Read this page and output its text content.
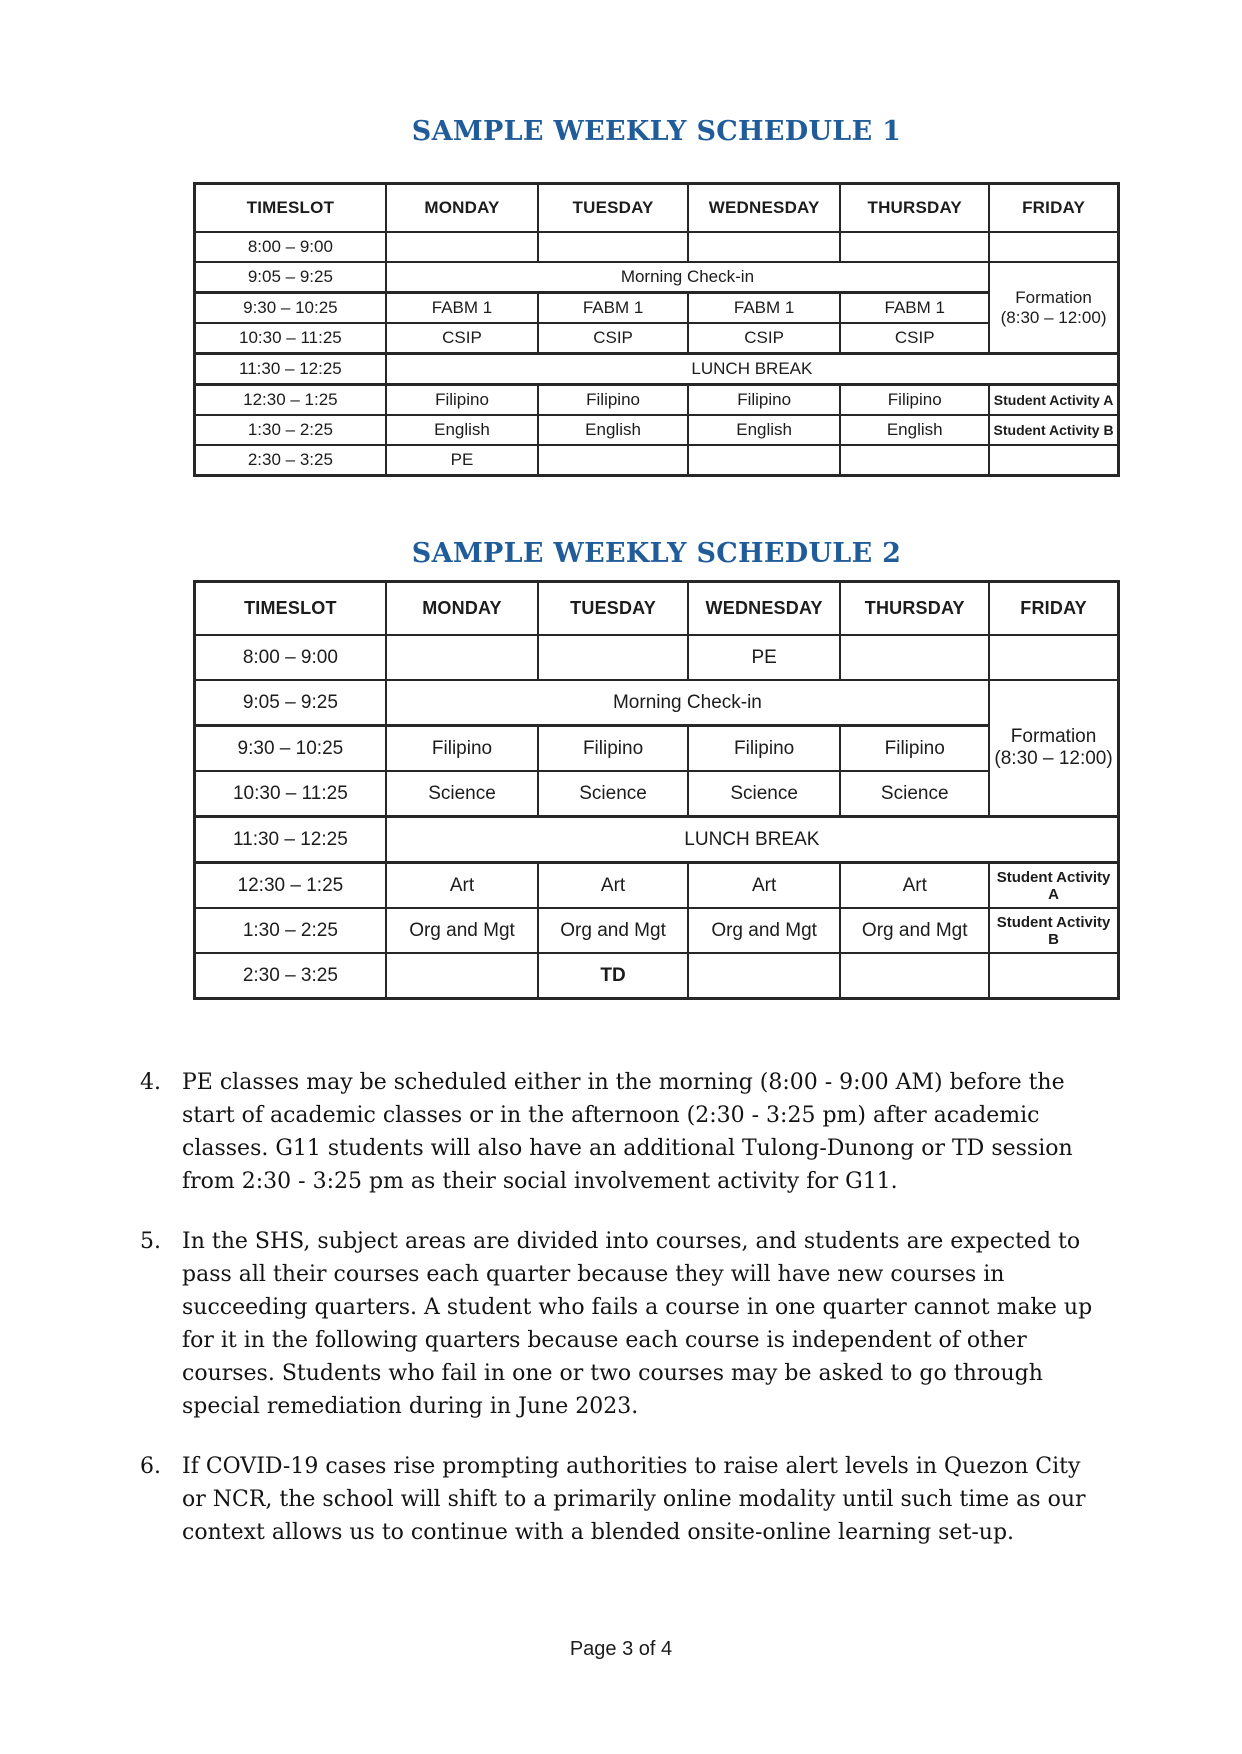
SAMPLE WEEKLY SCHEDULE 1
TIMESLOT	MONDAY	TUESDAY	WEDNESDAY	THURSDAY	FRIDAY
8:00 – 9:00					
9:05 – 9:25	Morning Check-in				Formation
(8:30 – 12:00)

9:30 – 10:25	FABM 1	FABM 1	FABM 1	FABM 1	
10:30 – 11:25	CSIP	CSIP	CSIP	CSIP	
11:30 – 12:25	LUNCH BREAK				
12:30 – 1:25	Filipino	Filipino	Filipino	Filipino	Student Activity A
1:30 – 2:25	English	English	English	English	Student Activity B
2:30 – 3:25	PE				
SAMPLE WEEKLY SCHEDULE 2
TIMESLOT	MONDAY	TUESDAY	WEDNESDAY	THURSDAY	FRIDAY
8:00 – 9:00			PE		
9:05 – 9:25	Morning Check-in				Formation
(8:30 – 12:00)

9:30 – 10:25	Filipino	Filipino	Filipino	Filipino	
10:30 – 11:25	Science	Science	Science	Science	
11:30 – 12:25	LUNCH BREAK				
12:30 – 1:25	Art	Art	Art	Art	Student Activity A
1:30 – 2:25	Org and Mgt	Org and Mgt	Org and Mgt	Org and Mgt	Student Activity B
2:30 – 3:25		TD			
4. PE classes may be scheduled either in the morning (8:00 - 9:00 AM) before the start of academic classes or in the afternoon (2:30 - 3:25 pm) after academic classes. G11 students will also have an additional Tulong-Dunong or TD session from 2:30 - 3:25 pm as their social involvement activity for G11.

5. In the SHS, subject areas are divided into courses, and students are expected to pass all their courses each quarter because they will have new courses in succeeding quarters. A student who fails a course in one quarter cannot make up for it in the following quarters because each course is independent of other courses. Students who fail in one or two courses may be asked to go through special remediation during in June 2023.

6. If COVID-19 cases rise prompting authorities to raise alert levels in Quezon City or NCR, the school will shift to a primarily online modality until such time as our context allows us to continue with a blended onsite-online learning set-up.

Page 3 of 4
